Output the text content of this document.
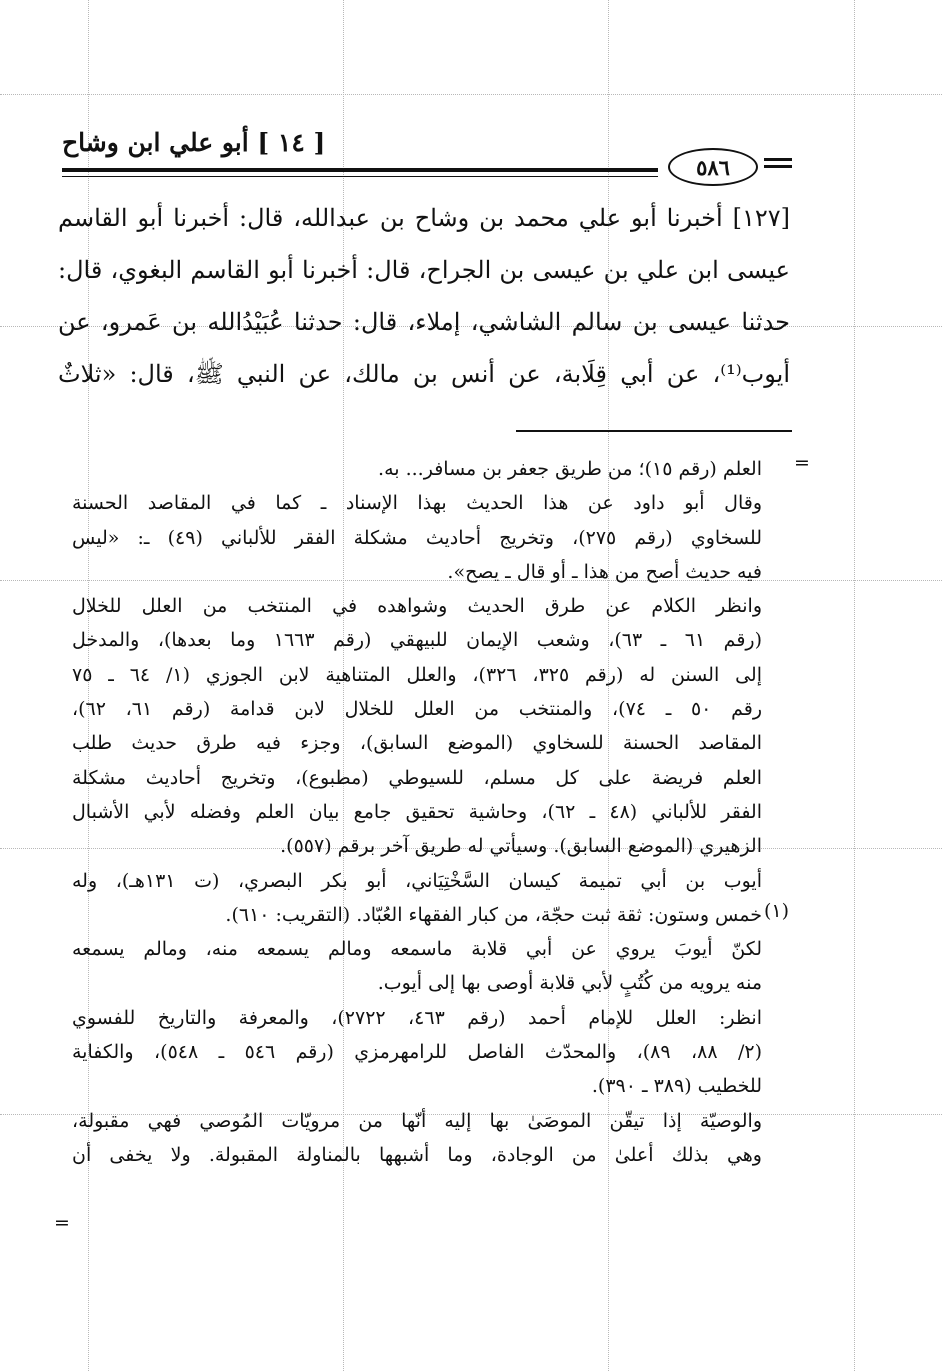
[ ١٤ ] أبو علي ابن وشاح
٥٨٦
[١٢٧] أخبرنا أبو علي محمد بن وشاح بن عبدالله، قال: أخبرنا أبو القاسم
عيسى ابن علي بن عيسى بن الجراح، قال: أخبرنا أبو القاسم البغوي، قال:
حدثنا عيسى بن سالم الشاشي، إملاء، قال: حدثنا عُبَيْدُالله بن عَمرو، عن
أيوب⁽¹⁾، عن أبي قِلَابة، عن أنس بن مالك، عن النبي ﷺ، قال: «ثلاثٌ
=
(١)
=
العلم (رقم ١٥)؛ من طريق جعفر بن مسافر... به.
وقال أبو داود عن هذا الحديث بهذا الإسناد ـ كما في المقاصد الحسنة
للسخاوي (رقم ٢٧٥)، وتخريج أحاديث مشكلة الفقر للألباني (٤٩) ـ: «ليس
فيه حديث أصح من هذا ـ أو قال ـ يصح».
وانظر الكلام عن طرق الحديث وشواهده في المنتخب من العلل للخلال
(رقم ٦١ ـ ٦٣)، وشعب الإيمان للبيهقي (رقم ١٦٦٣ وما بعدها)، والمدخل
إلى السنن له (رقم ٣٢٥، ٣٢٦)، والعلل المتناهية لابن الجوزي (١/ ٦٤ ـ ٧٥
رقم ٥٠ ـ ٧٤)، والمنتخب من العلل للخلال لابن قدامة (رقم ٦١، ٦٢)،
المقاصد الحسنة للسخاوي (الموضع السابق)، وجزء فيه طرق حديث طلب
العلم فريضة على كل مسلم، للسيوطي (مطبوع)، وتخريج أحاديث مشكلة
الفقر للألباني (٤٨ ـ ٦٢)، وحاشية تحقيق جامع بيان العلم وفضله لأبي الأشبال
الزهيري (الموضع السابق). وسيأتي له طريق آخر برقم (٥٥٧).
أيوب بن أبي تميمة كيسان السَّخْتِيَاني، أبو بكر البصري، (ت ١٣١هـ)، وله
خمس وستون: ثقة ثبت حجّة، من كبار الفقهاء العُبّاد. (التقريب: ٦١٠).
لكنّ أيوبَ يروي عن أبي قلابة ماسمعه ومالم يسمعه منه، ومالم يسمعه
منه يرويه من كُتُبٍ لأبي قلابة أوصى بها إلى أيوب.
انظر: العلل للإمام أحمد (رقم ٤٦٣، ٢٧٢٢)، والمعرفة والتاريخ للفسوي
(٢/ ٨٨، ٨٩)، والمحدّث الفاصل للرامهرمزي (رقم ٥٤٦ ـ ٥٤٨)، والكفاية
للخطيب (٣٨٩ ـ ٣٩٠).
والوصيّة إذا تيقّن الموصَىٰ بها إليه أنّها من مرويّات المُوصي فهي مقبولة،
وهي بذلك أعلىٰ من الوجادة، وما أشبهها بالمناولة المقبولة. ولا يخفى أن
